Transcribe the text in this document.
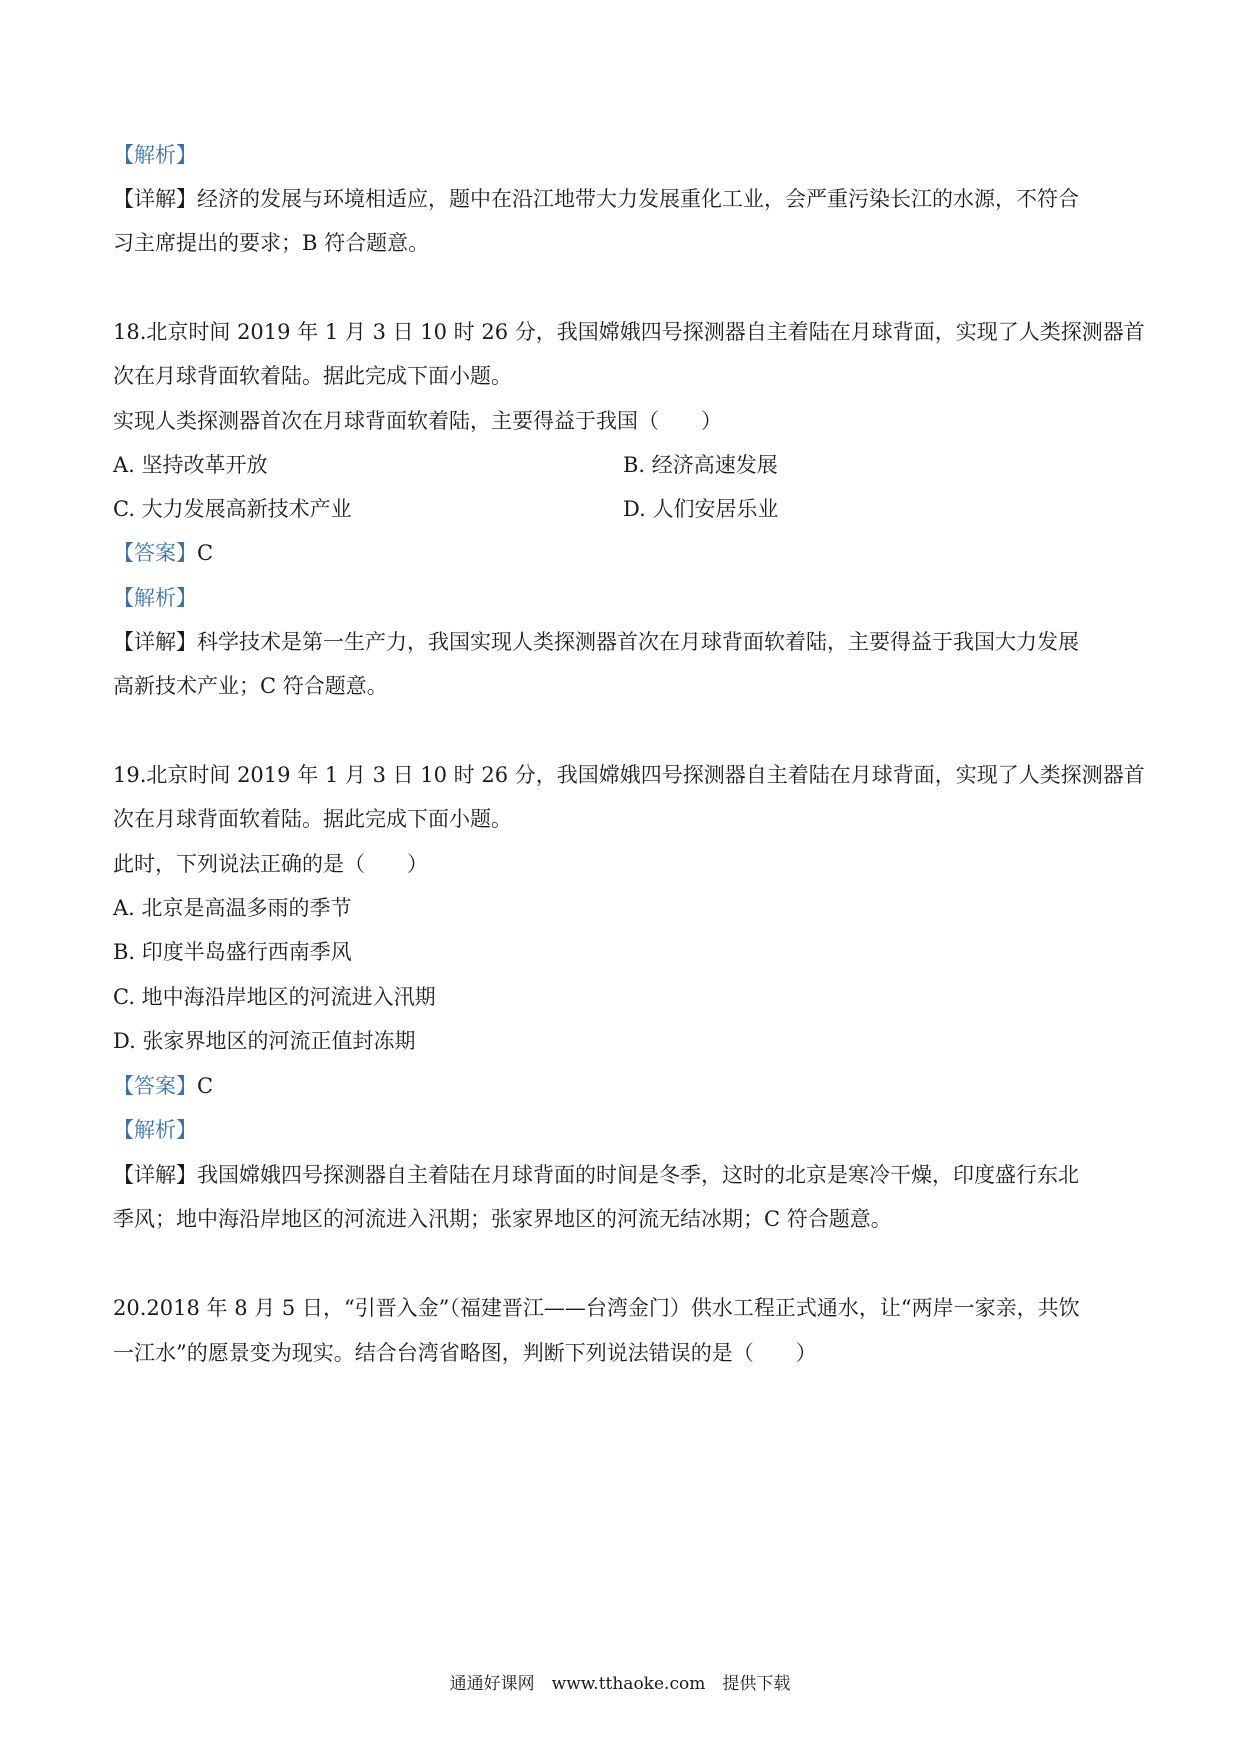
【解析】
【详解】经济的发展与环境相适应，题中在沿江地带大力发展重化工业，会严重污染长江的水源，不符合
习主席提出的要求；B 符合题意。
18.北京时间 2019 年 1 月 3 日 10 时 26 分，我国嫦娥四号探测器自主着陆在月球背面，实现了人类探测器首
次在月球背面软着陆。据此完成下面小题。
实现人类探测器首次在月球背面软着陆，主要得益于我国（　　）
A. 坚持改革开放	B. 经济高速发展
C. 大力发展高新技术产业	D. 人们安居乐业
【答案】C
【解析】
【详解】科学技术是第一生产力，我国实现人类探测器首次在月球背面软着陆，主要得益于我国大力发展
高新技术产业；C 符合题意。
19.北京时间 2019 年 1 月 3 日 10 时 26 分，我国嫦娥四号探测器自主着陆在月球背面，实现了人类探测器首
次在月球背面软着陆。据此完成下面小题。
此时，下列说法正确的是（　　）
A. 北京是高温多雨的季节
B. 印度半岛盛行西南季风
C. 地中海沿岸地区的河流进入汛期
D. 张家界地区的河流正值封冻期
【答案】C
【解析】
【详解】我国嫦娥四号探测器自主着陆在月球背面的时间是冬季，这时的北京是寒冷干燥，印度盛行东北
季风；地中海沿岸地区的河流进入汛期；张家界地区的河流无结冰期；C 符合题意。
20.2018 年 8 月 5 日，“引晋入金”（福建晋江——台湾金门）供水工程正式通水，让“两岸一家亲，共饮
一江水”的愿景变为现实。结合台湾省略图，判断下列说法错误的是（　　）
通通好课网　www.tthaoke.com　提供下载
